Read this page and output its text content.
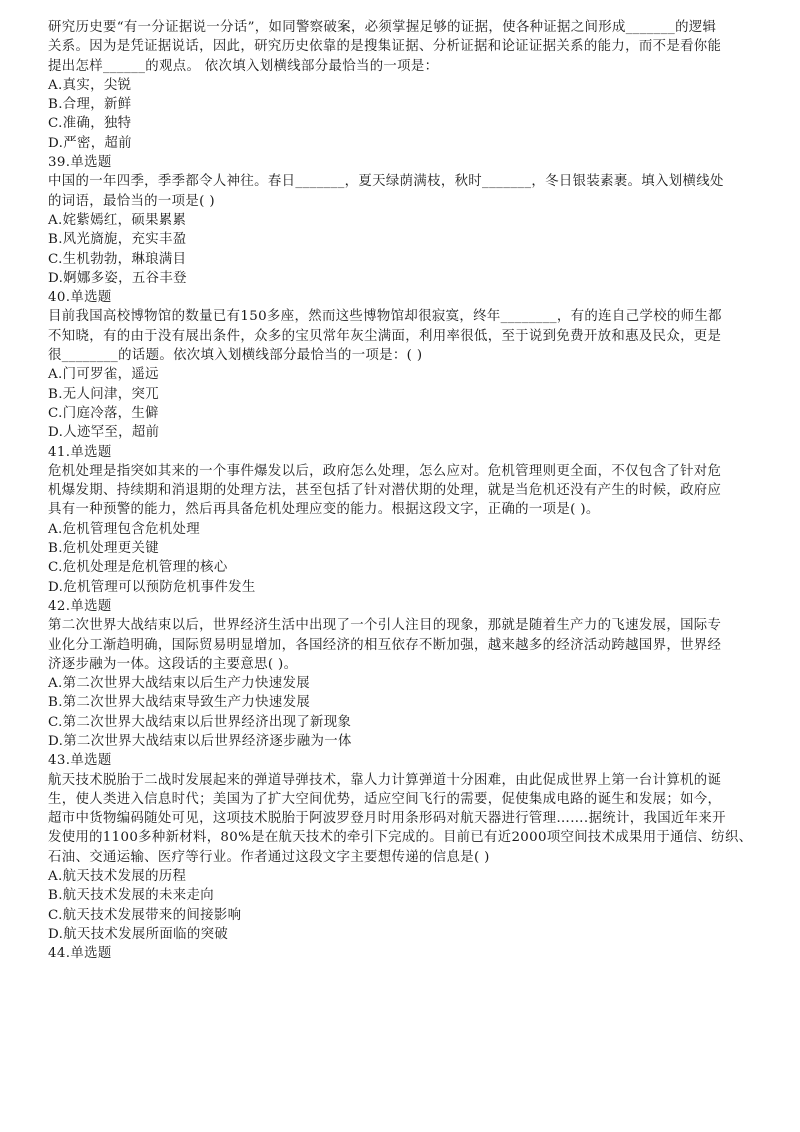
研究历史要“有一分证据说一分话”，如同警察破案，必须掌握足够的证据，使各种证据之间形成_______的逻辑
关系。因为是凭证据说话，因此，研究历史依靠的是搜集证据、分析证据和论证证据关系的能力，而不是看你能
提出怎样______的观点。 依次填入划横线部分最恰当的一项是：
A.真实，尖锐
B.合理，新鲜
C.准确，独特
D.严密，超前
39.单选题
中国的一年四季，季季都令人神往。春日_______，夏天绿荫满枝，秋时_______，冬日银装素裹。填入划横线处
的词语，最恰当的一项是( )
A.姹紫嫣红，硕果累累
B.风光旖旎，充实丰盈
C.生机勃勃，琳琅满目
D.婀娜多姿，五谷丰登
40.单选题
目前我国高校博物馆的数量已有150多座，然而这些博物馆却很寂寞，终年________，有的连自己学校的师生都
不知晓，有的由于没有展出条件，众多的宝贝常年灰尘满面，利用率很低，至于说到免费开放和惠及民众，更是
很________的话题。依次填入划横线部分最恰当的一项是：( )
A.门可罗雀，遥远
B.无人问津，突兀
C.门庭冷落，生僻
D.人迹罕至，超前
41.单选题
危机处理是指突如其来的一个事件爆发以后，政府怎么处理，怎么应对。危机管理则更全面，不仅包含了针对危
机爆发期、持续期和消退期的处理方法，甚至包括了针对潜伏期的处理，就是当危机还没有产生的时候，政府应
具有一种预警的能力，然后再具备危机处理应变的能力。根据这段文字，正确的一项是( )。
A.危机管理包含危机处理
B.危机处理更关键
C.危机处理是危机管理的核心
D.危机管理可以预防危机事件发生
42.单选题
第二次世界大战结束以后，世界经济生活中出现了一个引人注目的现象，那就是随着生产力的飞速发展，国际专
业化分工渐趋明确，国际贸易明显增加，各国经济的相互依存不断加强，越来越多的经济活动跨越国界，世界经
济逐步融为一体。这段话的主要意思( )。
A.第二次世界大战结束以后生产力快速发展
B.第二次世界大战结束导致生产力快速发展
C.第二次世界大战结束以后世界经济出现了新现象
D.第二次世界大战结束以后世界经济逐步融为一体
43.单选题
航天技术脱胎于二战时发展起来的弹道导弹技术，靠人力计算弹道十分困难，由此促成世界上第一台计算机的诞
生，使人类进入信息时代；美国为了扩大空间优势，适应空间飞行的需要，促使集成电路的诞生和发展；如今，
超市中货物编码随处可见，这项技术脱胎于阿波罗登月时用条形码对航天器进行管理…….据统计，我国近年来开
发使用的1100多种新材料，80%是在航天技术的牵引下完成的。目前已有近2000项空间技术成果用于通信、纺织、
石油、交通运输、医疗等行业。作者通过这段文字主要想传递的信息是( )
A.航天技术发展的历程
B.航天技术发展的未来走向
C.航天技术发展带来的间接影响
D.航天技术发展所面临的突破
44.单选题
